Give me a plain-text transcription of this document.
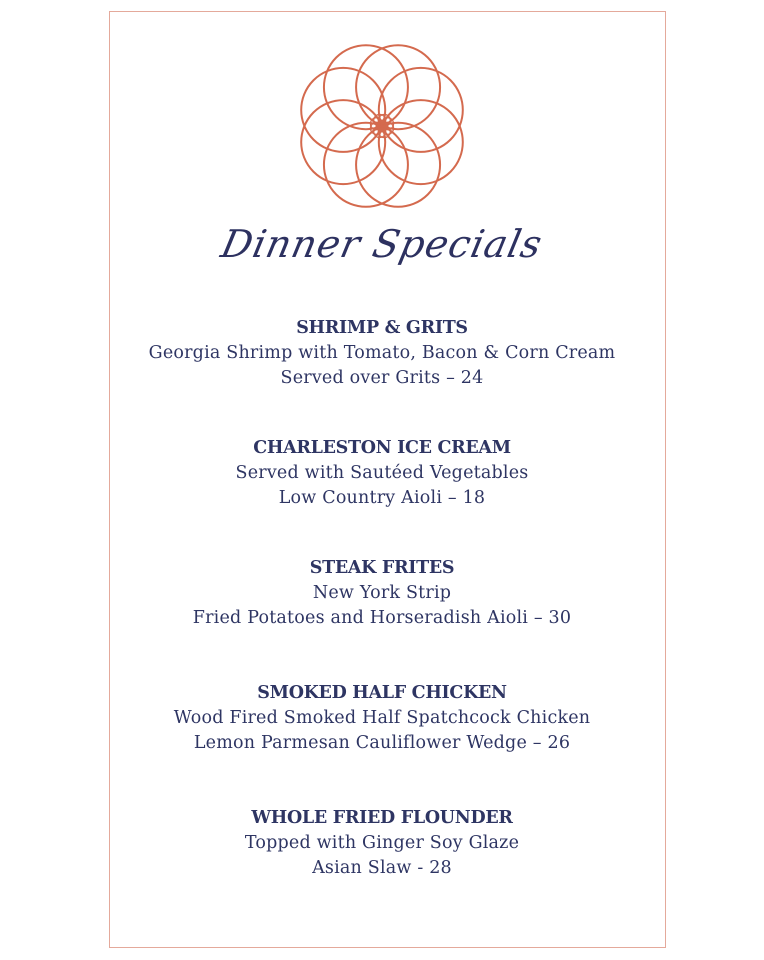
Dinner Specials
SHRIMP & GRITS
Georgia Shrimp with Tomato, Bacon & Corn Cream
Served over Grits – 24
CHARLESTON ICE CREAM
Served with Sautéed Vegetables
Low Country Aioli – 18
STEAK FRITES
New York Strip
Fried Potatoes and Horseradish Aioli – 30
SMOKED HALF CHICKEN
Wood Fired Smoked Half Spatchcock Chicken
Lemon Parmesan Cauliflower Wedge – 26
WHOLE FRIED FLOUNDER
Topped with Ginger Soy Glaze
Asian Slaw - 28
